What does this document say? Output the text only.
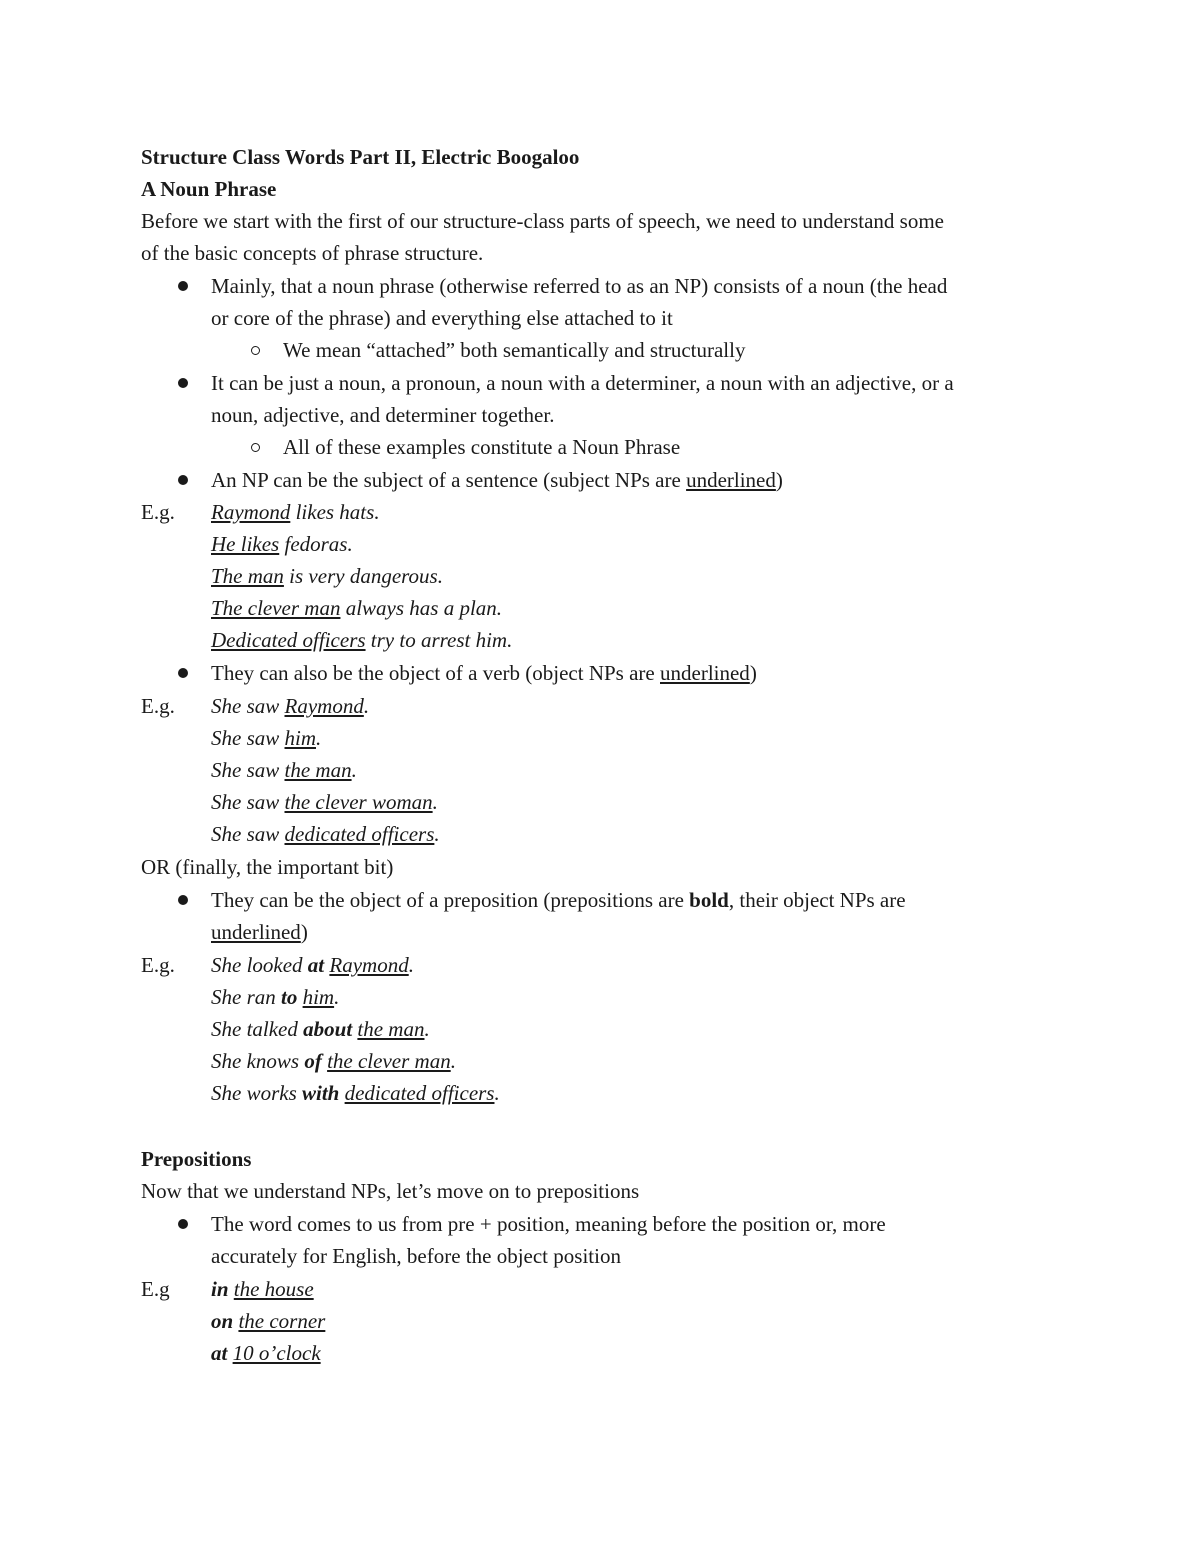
Structure Class Words Part II, Electric Boogaloo
A Noun Phrase
Before we start with the first of our structure-class parts of speech, we need to understand some
of the basic concepts of phrase structure.
Mainly, that a noun phrase (otherwise referred to as an NP) consists of a noun (the head
or core of the phrase) and everything else attached to it
We mean “attached” both semantically and structurally
It can be just a noun, a pronoun, a noun with a determiner, a noun with an adjective, or a
noun, adjective, and determiner together.
All of these examples constitute a Noun Phrase
An NP can be the subject of a sentence (subject NPs are underlined)
E.g. Raymond likes hats.
He likes fedoras.
The man is very dangerous.
The clever man always has a plan.
Dedicated officers try to arrest him.
They can also be the object of a verb (object NPs are underlined)
E.g. She saw Raymond.
She saw him.
She saw the man.
She saw the clever woman.
She saw dedicated officers.
OR (finally, the important bit)
They can be the object of a preposition (prepositions are bold, their object NPs are
underlined)
E.g. She looked at Raymond.
She ran to him.
She talked about the man.
She knows of the clever man.
She works with dedicated officers.
Prepositions
Now that we understand NPs, let’s move on to prepositions
The word comes to us from pre + position, meaning before the position or, more
accurately for English, before the object position
E.g in the house
on the corner
at 10 o’clock
